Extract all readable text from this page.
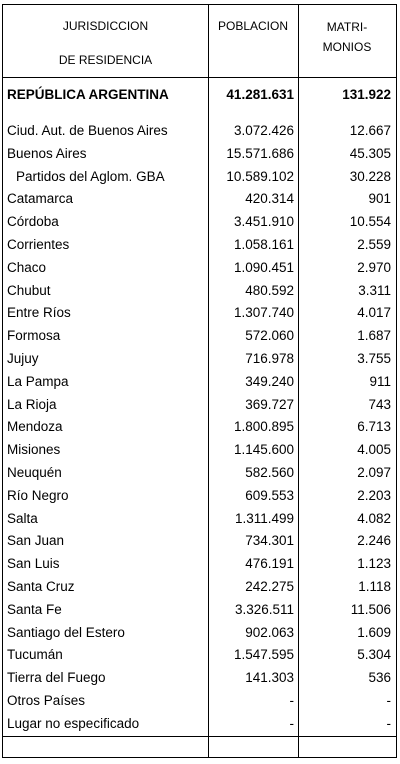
JURISDICCION
DE RESIDENCIA
POBLACION	MATRI-
MONIOS
REPÚBLICA ARGENTINA	41.281.631	131.922
Ciud. Aut. de Buenos Aires	3.072.426	12.667
Buenos Aires	15.571.686	45.305
Partidos del Aglom. GBA	10.589.102	30.228
Catamarca	420.314	901
Córdoba	3.451.910	10.554
Corrientes	1.058.161	2.559
Chaco	1.090.451	2.970
Chubut	480.592	3.311
Entre Ríos	1.307.740	4.017
Formosa	572.060	1.687
Jujuy	716.978	3.755
La Pampa	349.240	911
La Rioja	369.727	743
Mendoza	1.800.895	6.713
Misiones	1.145.600	4.005
Neuquén	582.560	2.097
Río Negro	609.553	2.203
Salta	1.311.499	4.082
San Juan	734.301	2.246
San Luis	476.191	1.123
Santa Cruz	242.275	1.118
Santa Fe	3.326.511	11.506
Santiago del Estero	902.063	1.609
Tucumán	1.547.595	5.304
Tierra del Fuego	141.303	536
Otros Países	-	-
Lugar no especificado	-	-
